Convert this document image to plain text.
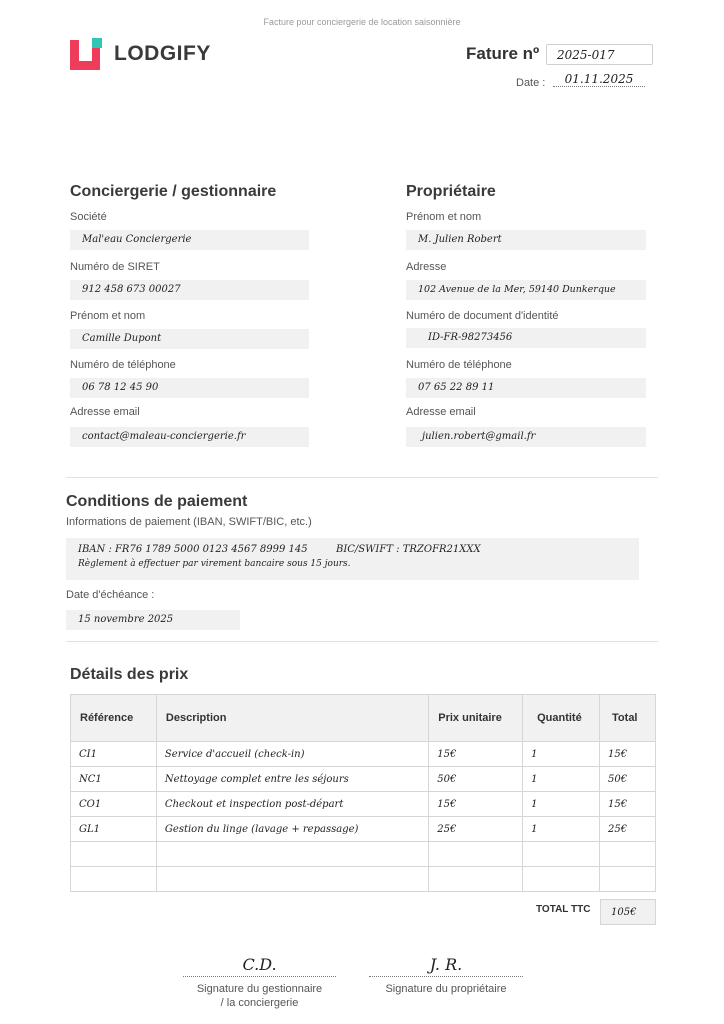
Facture pour conciergerie de location saisonnière
LODGIFY	Fature nº	2025-017
Date :	01.11.2025
Conciergerie / gestionnaire
Société
Mal'eau Conciergerie
Numéro de SIRET
912 458 673 00027
Prénom et nom
Camille Dupont
Numéro de téléphone
06 78 12 45 90
Adresse email
contact@maleau-conciergerie.fr
Propriétaire
Prénom et nom
M. Julien Robert
Adresse
102 Avenue de la Mer, 59140 Dunkerque
Numéro de document d'identité
ID-FR-98273456
Numéro de téléphone
07 65 22 89 11
Adresse email
julien.robert@gmail.fr
Conditions de paiement
Informations de paiement (IBAN, SWIFT/BIC, etc.)
IBAN : FR76 1789 5000 0123 4567 8999 145	BIC/SWIFT : TRZOFR21XXX
Règlement à effectuer par virement bancaire sous 15 jours.
Date d'échéance :
15 novembre 2025
Détails des prix
Référence	Description	Prix unitaire	Quantité	Total
CI1	Service d'accueil (check-in)	15€	1	15€
NC1	Nettoyage complet entre les séjours	50€	1	50€
CO1	Checkout et inspection post-départ	15€	1	15€
GL1	Gestion du linge (lavage + repassage)	25€	1	25€

TOTAL TTC	105€
C.D.
Signature du gestionnaire
/ la conciergerie
J. R.
Signature du propriétaire
